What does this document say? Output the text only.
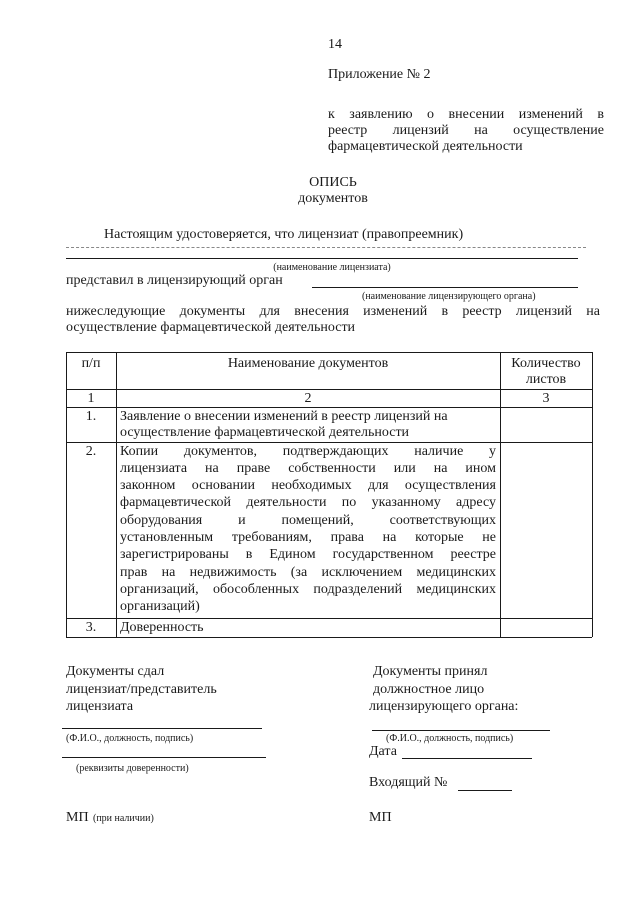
14
Приложение № 2
к заявлению о внесении изменений в
реестр лицензий на осуществление
фармацевтической деятельности
ОПИСЬ
документов
Настоящим удостоверяется, что лицензиат (правопреемник)
(наименование лицензиата)
представил в лицензирующий орган
(наименование лицензирующего органа)
нижеследующие документы для внесения изменений в реестр лицензий на
осуществление фармацевтической деятельности
п/п	Наименование документов	Количество
листов
1	2	3
1.	Заявление о внесении изменений в реестр лицензий на
осуществление фармацевтической деятельности
2.	Копии документов, подтверждающих наличие у
лицензиата на праве собственности или на ином
законном основании необходимых для осуществления
фармацевтической деятельности по указанному адресу
оборудования и помещений, соответствующих
установленным требованиям, права на которые не
зарегистрированы в Едином государственном реестре
прав на недвижимость (за исключением медицинских
организаций, обособленных подразделений медицинских
организаций)
3.	Доверенность
Документы сдал
лицензиат/представитель
лицензиата
(Ф.И.О., должность, подпись)
(реквизиты доверенности)
МП (при наличии)
Документы принял
должностное лицо
лицензирующего органа:
(Ф.И.О., должность, подпись)
Дата
Входящий №
МП
